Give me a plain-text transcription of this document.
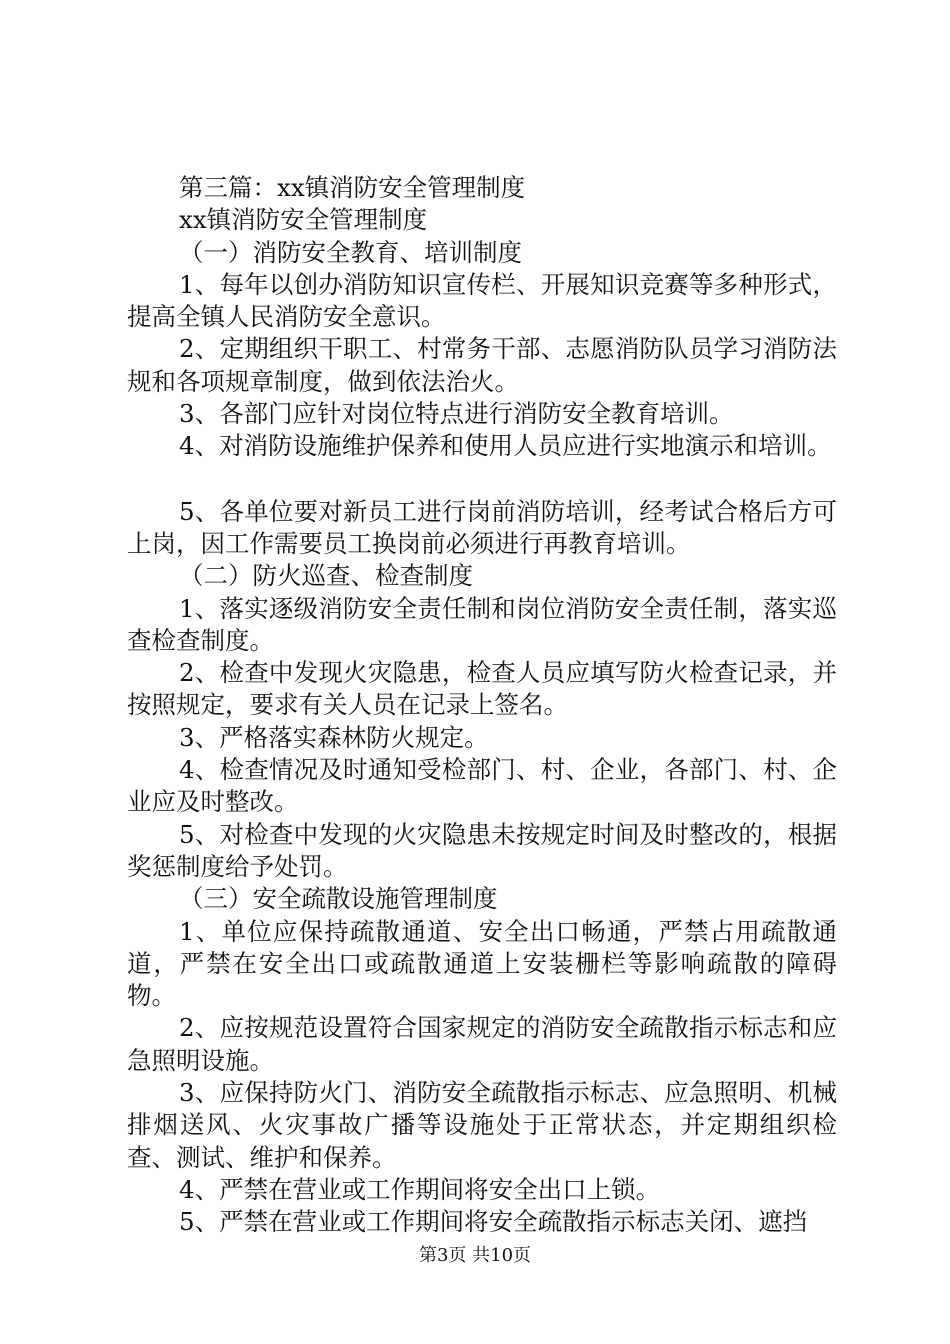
第三篇：xx镇消防安全管理制度

xx镇消防安全管理制度

（一）消防安全教育、培训制度

1、每年以创办消防知识宣传栏、开展知识竞赛等多种形式，提高全镇人民消防安全意识。

2、定期组织干职工、村常务干部、志愿消防队员学习消防法规和各项规章制度，做到依法治火。

3、各部门应针对岗位特点进行消防安全教育培训。

4、对消防设施维护保养和使用人员应进行实地演示和培训。

5、各单位要对新员工进行岗前消防培训，经考试合格后方可上岗，因工作需要员工换岗前必须进行再教育培训。

（二）防火巡查、检查制度

1、落实逐级消防安全责任制和岗位消防安全责任制，落实巡查检查制度。

2、检查中发现火灾隐患，检查人员应填写防火检查记录，并按照规定，要求有关人员在记录上签名。

3、严格落实森林防火规定。

4、检查情况及时通知受检部门、村、企业，各部门、村、企业应及时整改。

5、对检查中发现的火灾隐患未按规定时间及时整改的，根据奖惩制度给予处罚。

（三）安全疏散设施管理制度

1、单位应保持疏散通道、安全出口畅通，严禁占用疏散通道，严禁在安全出口或疏散通道上安装栅栏等影响疏散的障碍物。

2、应按规范设置符合国家规定的消防安全疏散指示标志和应急照明设施。

3、应保持防火门、消防安全疏散指示标志、应急照明、机械排烟送风、火灾事故广播等设施处于正常状态，并定期组织检查、测试、维护和保养。

4、严禁在营业或工作期间将安全出口上锁。

5、严禁在营业或工作期间将安全疏散指示标志关闭、遮挡

第3页 共10页
